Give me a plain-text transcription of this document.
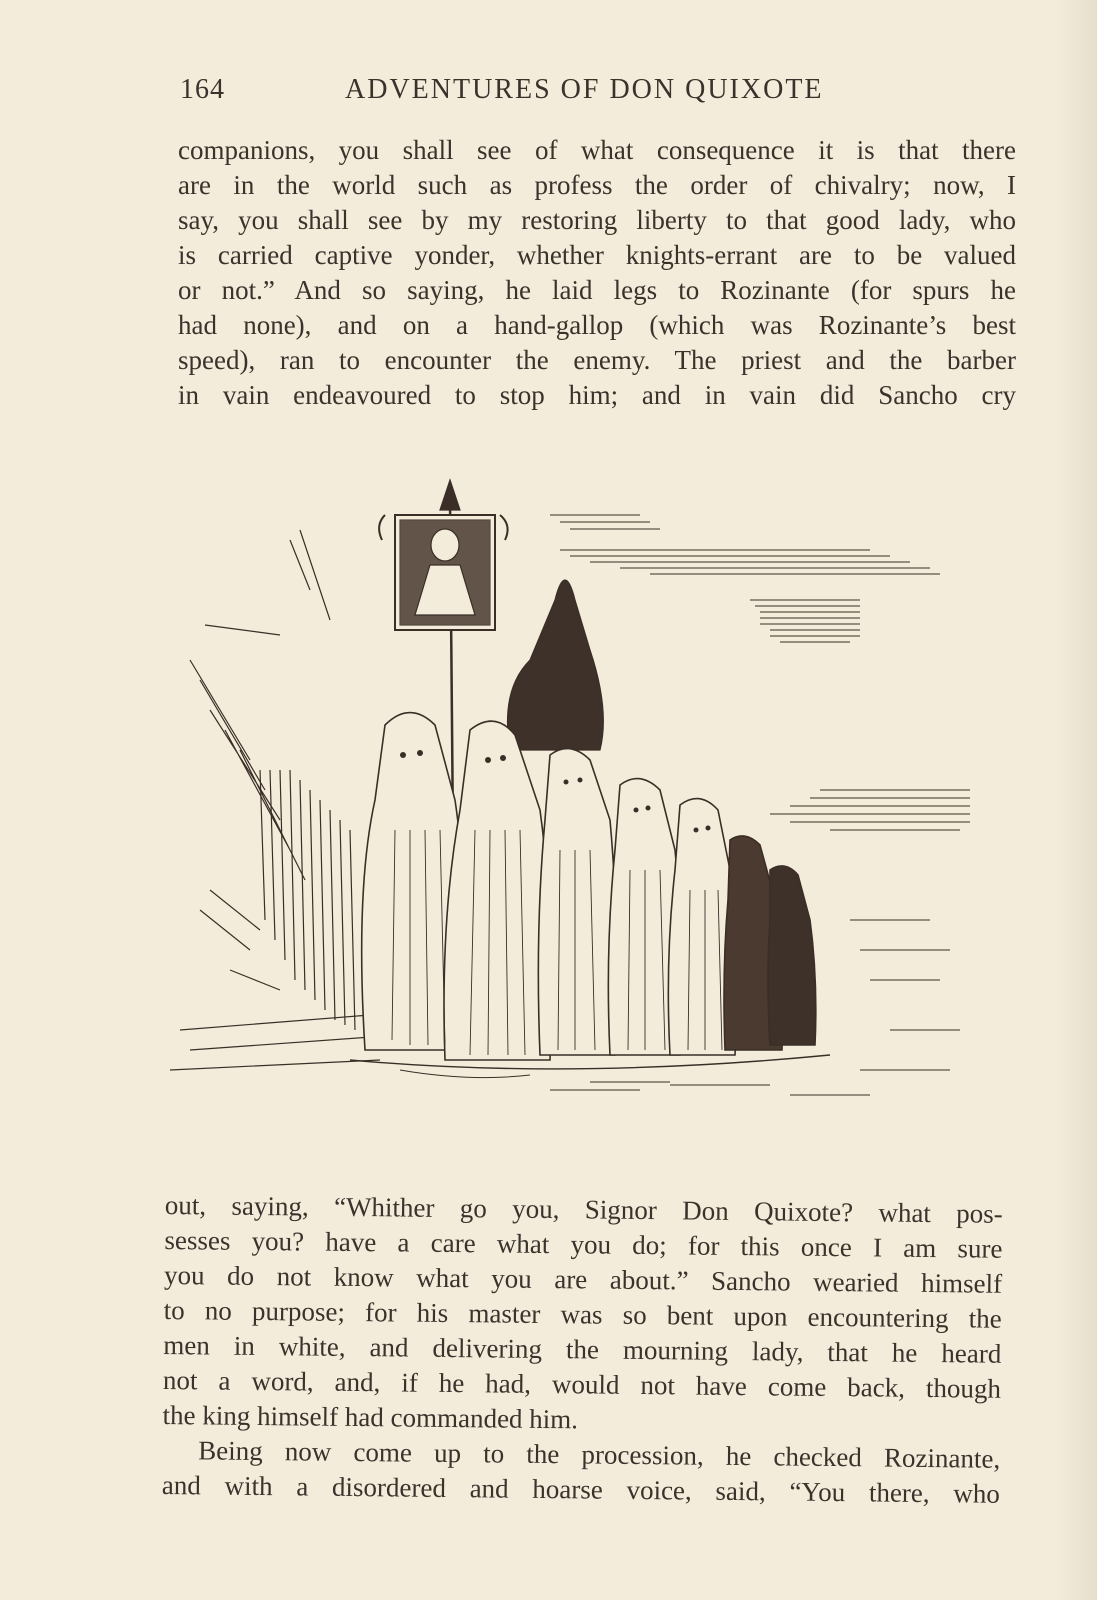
164	ADVENTURES OF DON QUIXOTE
companions, you shall see of what consequence it is that there
are in the world such as profess the order of chivalry; now, I
say, you shall see by my restoring liberty to that good lady, who
is carried captive yonder, whether knights-errant are to be valued
or not.” And so saying, he laid legs to Rozinante (for spurs he
had none), and on a hand-gallop (which was Rozinante’s best
speed), ran to encounter the enemy. The priest and the barber
in vain endeavoured to stop him; and in vain did Sancho cry
out, saying, “Whither go you, Signor Don Quixote? what pos-
sesses you? have a care what you do; for this once I am sure
you do not know what you are about.” Sancho wearied himself
to no purpose; for his master was so bent upon encountering the
men in white, and delivering the mourning lady, that he heard
not a word, and, if he had, would not have come back, though
the king himself had commanded him.
Being now come up to the procession, he checked Rozinante,
and with a disordered and hoarse voice, said, “You there, who
